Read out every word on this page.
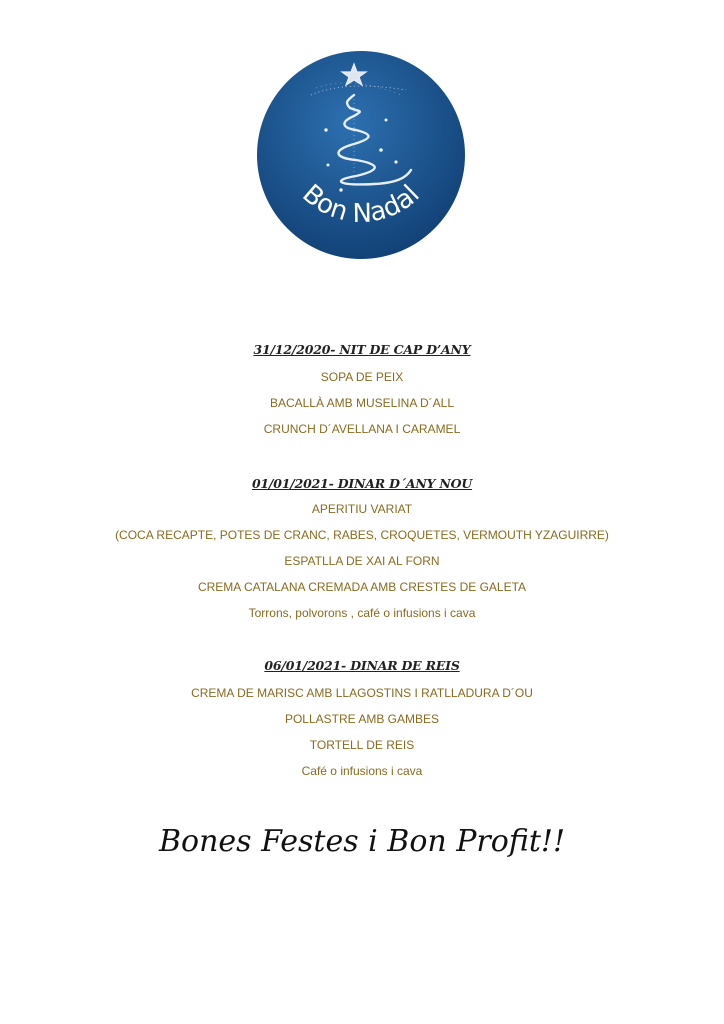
Bon Nadal
31/12/2020- NIT DE CAP D’ANY
SOPA DE PEIX
BACALLÀ AMB MUSELINA D´ALL
CRUNCH D´AVELLANA I CARAMEL
01/01/2021- DINAR D´ANY NOU
APERITIU VARIAT
(COCA RECAPTE, POTES DE CRANC, RABES, CROQUETES, VERMOUTH YZAGUIRRE)
ESPATLLA DE XAI AL FORN
CREMA CATALANA CREMADA AMB CRESTES DE GALETA
Torrons, polvorons , café o infusions i cava
06/01/2021- DINAR DE REIS
CREMA DE MARISC AMB LLAGOSTINS I RATLLADURA D´OU
POLLASTRE AMB GAMBES
TORTELL DE REIS
Café o infusions i cava
Bones Festes i Bon Profit!!
